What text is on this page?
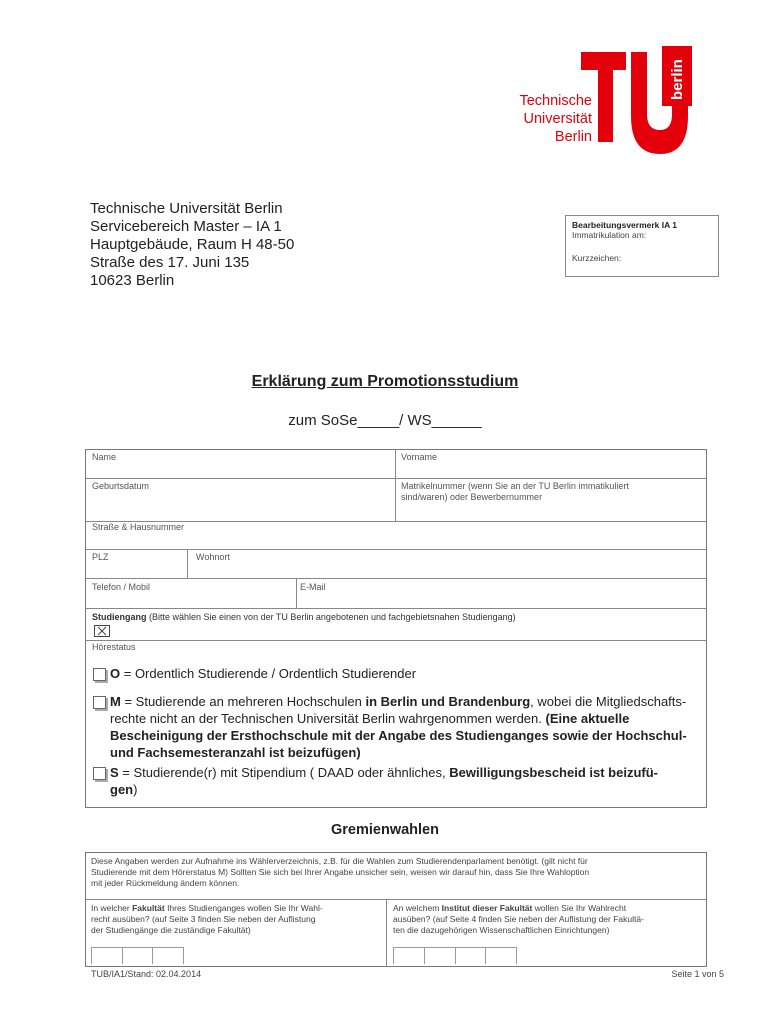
berlin
Technische
Universität
Berlin
Technische Universität Berlin
Servicebereich Master – IA 1
Hauptgebäude, Raum H 48-50
Straße des 17. Juni 135
10623 Berlin
Bearbeitungsvermerk IA 1
Immatrikulation am:
Kurzzeichen:
Erklärung zum Promotionsstudium
zum SoSe_____/ WS______
Name	Vorname
Geburtsdatum	Matrikelnummer (wenn Sie an der TU Berlin immatikuliert
sind/waren) oder Bewerbernummer
Straße & Hausnummer
PLZ	Wohnort
Telefon / Mobil	E-Mail
Studiengang (Bitte wählen Sie einen von der TU Berlin angebotenen und fachgebietsnahen Studiengang)
Hörestatus
O = Ordentlich Studierende / Ordentlich Studierender
M = Studierende an mehreren Hochschulen in Berlin und Brandenburg, wobei die Mitgliedschafts-
rechte nicht an der Technischen Universität Berlin wahrgenommen werden. (Eine aktuelle
Bescheinigung der Ersthochschule mit der Angabe des Studienganges sowie der Hochschul-
und Fachsemesteranzahl ist beizufügen)
S = Studierende(r) mit Stipendium ( DAAD oder ähnliches, Bewilligungsbescheid ist beizufü-
gen)
Gremienwahlen
Diese Angaben werden zur Aufnahme ins Wählerverzeichnis, z.B. für die Wahlen zum Studierendenparlament benötigt. (gilt nicht für
Studierende mit dem Hörerstatus M) Sollten Sie sich bei Ihrer Angabe unsicher sein, weisen wir darauf hin, dass Sie Ihre Wahloption
mit jeder Rückmeldung ändern können.
In welcher Fakultät Ihres Studienganges wollen Sie Ihr Wahl-
recht ausüben? (auf Seite 3 finden Sie neben der Auflistung
der Studiengänge die zuständige Fakultät)
An welchem Institut dieser Fakultät wollen Sie Ihr Wahlrecht
ausüben? (auf Seite 4 finden Sie neben der Auflistung der Fakultä-
ten die dazugehörigen Wissenschaftlichen Einrichtungen)
TUB/IA1/Stand: 02.04.2014	Seite 1 von 5
